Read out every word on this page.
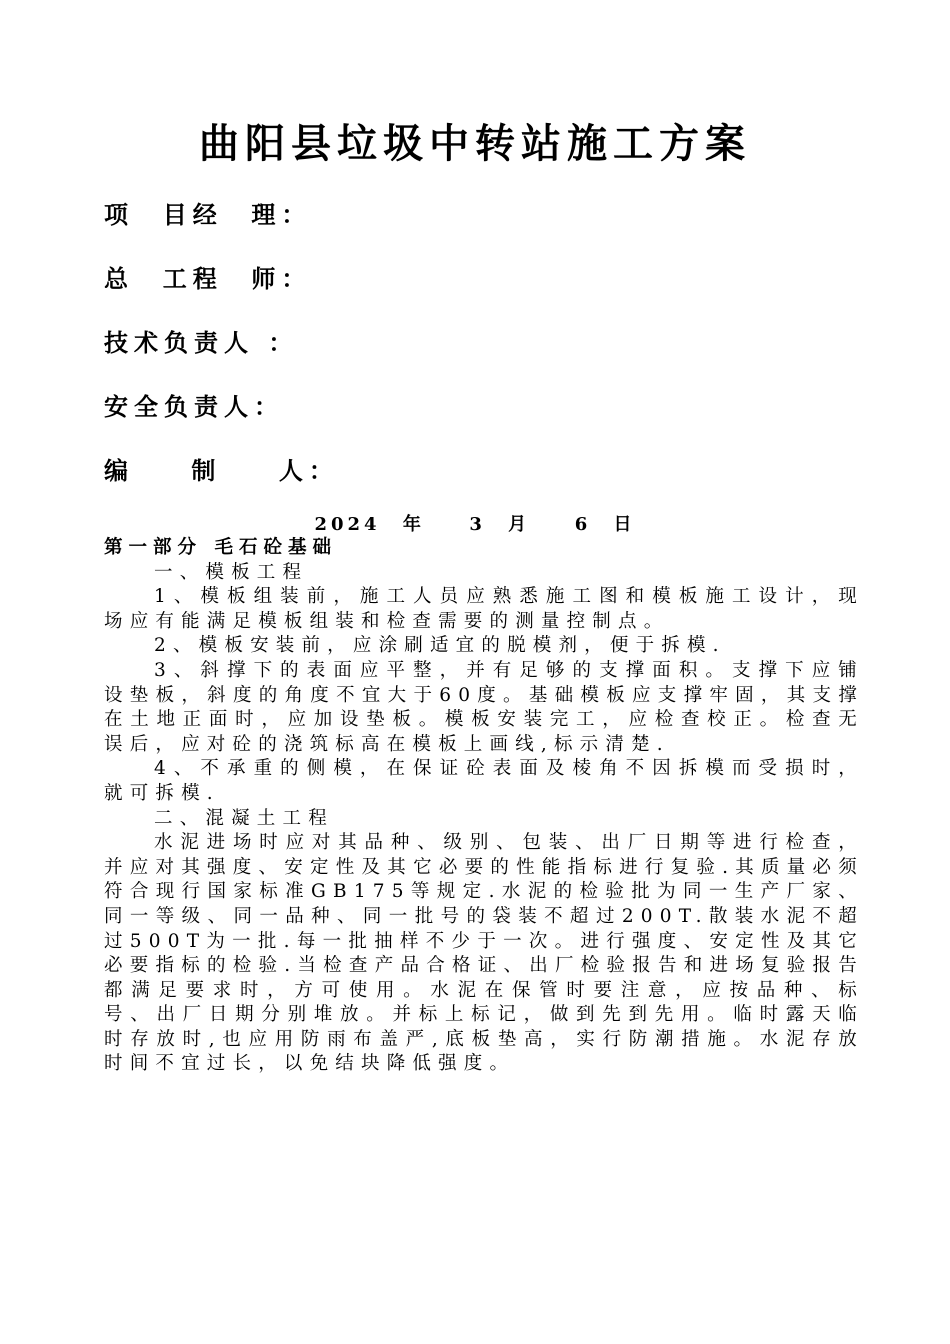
曲阳县垃圾中转站施工方案
项  目经  理：
总  工程  师：
技术负责人 ：
安全负责人：
编    制    人：
2024 年  3 月  6 日

第一部分 毛石砼基础

一、模板工程

1、模板组装前，施工人员应熟悉施工图和模板施工设计，现场应有能满足模板组装和检查需要的测量控制点。

2、模板安装前，应涂刷适宜的脱模剂，便于拆模.

3、斜撑下的表面应平整，并有足够的支撑面积。支撑下应铺设垫板，斜度的角度不宜大于60度。基础模板应支撑牢固，其支撑在土地正面时，应加设垫板。模板安装完工，应检查校正。检查无误后，应对砼的浇筑标高在模板上画线,标示清楚.

4、不承重的侧模，在保证砼表面及棱角不因拆模而受损时，就可拆模.

二、混凝土工程

水泥进场时应对其品种、级别、包装、出厂日期等进行检查，并应对其强度、安定性及其它必要的性能指标进行复验.其质量必须符合现行国家标准GB175等规定.水泥的检验批为同一生产厂家、同一等级、同一品种、同一批号的袋装不超过200T.散装水泥不超过500T为一批.每一批抽样不少于一次。进行强度、安定性及其它必要指标的检验.当检查产品合格证、出厂检验报告和进场复验报告都满足要求时，方可使用。水泥在保管时要注意，应按品种、标号、出厂日期分别堆放。并标上标记，做到先到先用。临时露天临时存放时,也应用防雨布盖严,底板垫高，实行防潮措施。水泥存放时间不宜过长，以免结块降低强度。
